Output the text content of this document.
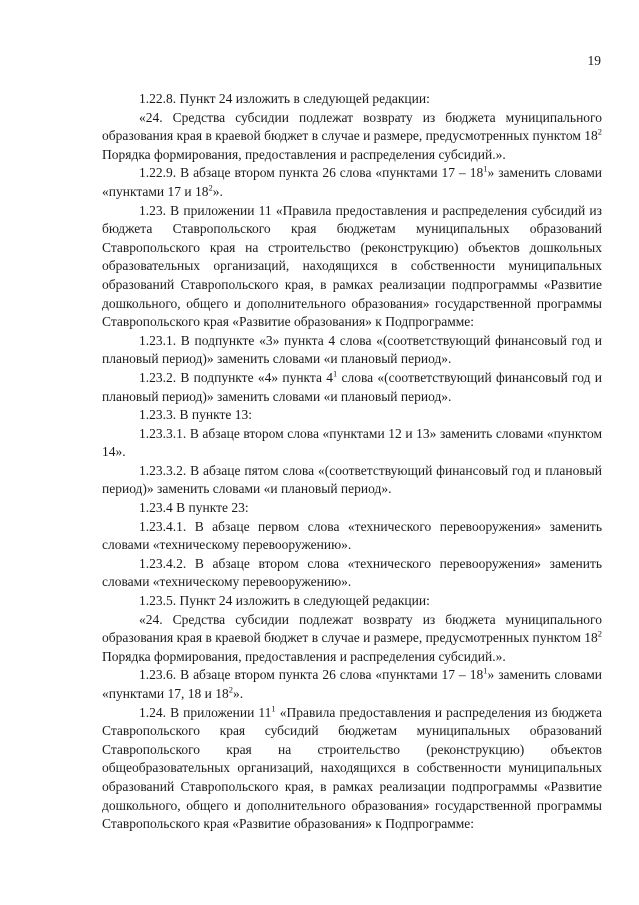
19

1.22.8. Пункт 24 изложить в следующей редакции:

«24. Средства субсидии подлежат возврату из бюджета муниципального образования края в краевой бюджет в случае и размере, предусмотренных пунктом $18^2$ Порядка формирования, предоставления и распределения субсидий.».

1.22.9. В абзаце втором пункта 26 слова «пунктами $17 - 18^1$» заменить словами «пунктами 17 и $18^2$».

1.23. В приложении 11 «Правила предоставления и распределения субсидий из бюджета Ставропольского края бюджетам муниципальных образований Ставропольского края на строительство (реконструкцию) объектов дошкольных образовательных организаций, находящихся в собственности муниципальных образований Ставропольского края, в рамках реализации подпрограммы «Развитие дошкольного, общего и дополнительного образования» государственной программы Ставропольского края «Развитие образования» к Подпрограмме:

1.23.1. В подпункте «3» пункта 4 слова «(соответствующий финансовый год и плановый период)» заменить словами «и плановый период».

1.23.2. В подпункте «4» пункта $4^1$ слова «(соответствующий финансовый год и плановый период)» заменить словами «и плановый период».

1.23.3. В пункте 13:

1.23.3.1. В абзаце втором слова «пунктами 12 и 13» заменить словами «пунктом 14».

1.23.3.2. В абзаце пятом слова «(соответствующий финансовый год и плановый период)» заменить словами «и плановый период».

1.23.4 В пункте 23:

1.23.4.1. В абзаце первом слова «технического перевооружения» заменить словами «техническому перевооружению».

1.23.4.2. В абзаце втором слова «технического перевооружения» заменить словами «техническому перевооружению».

1.23.5. Пункт 24 изложить в следующей редакции:

«24. Средства субсидии подлежат возврату из бюджета муниципального образования края в краевой бюджет в случае и размере, предусмотренных пунктом $18^2$ Порядка формирования, предоставления и распределения субсидий.».

1.23.6. В абзаце втором пункта 26 слова «пунктами $17 - 18^1$» заменить словами «пунктами 17, 18 и $18^2$».

1.24. В приложении $11^1$ «Правила предоставления и распределения из бюджета Ставропольского края субсидий бюджетам муниципальных образований Ставропольского края на строительство (реконструкцию) объектов общеобразовательных организаций, находящихся в собственности муниципальных образований Ставропольского края, в рамках реализации подпрограммы «Развитие дошкольного, общего и дополнительного образования» государственной программы Ставропольского края «Развитие образования» к Подпрограмме:
